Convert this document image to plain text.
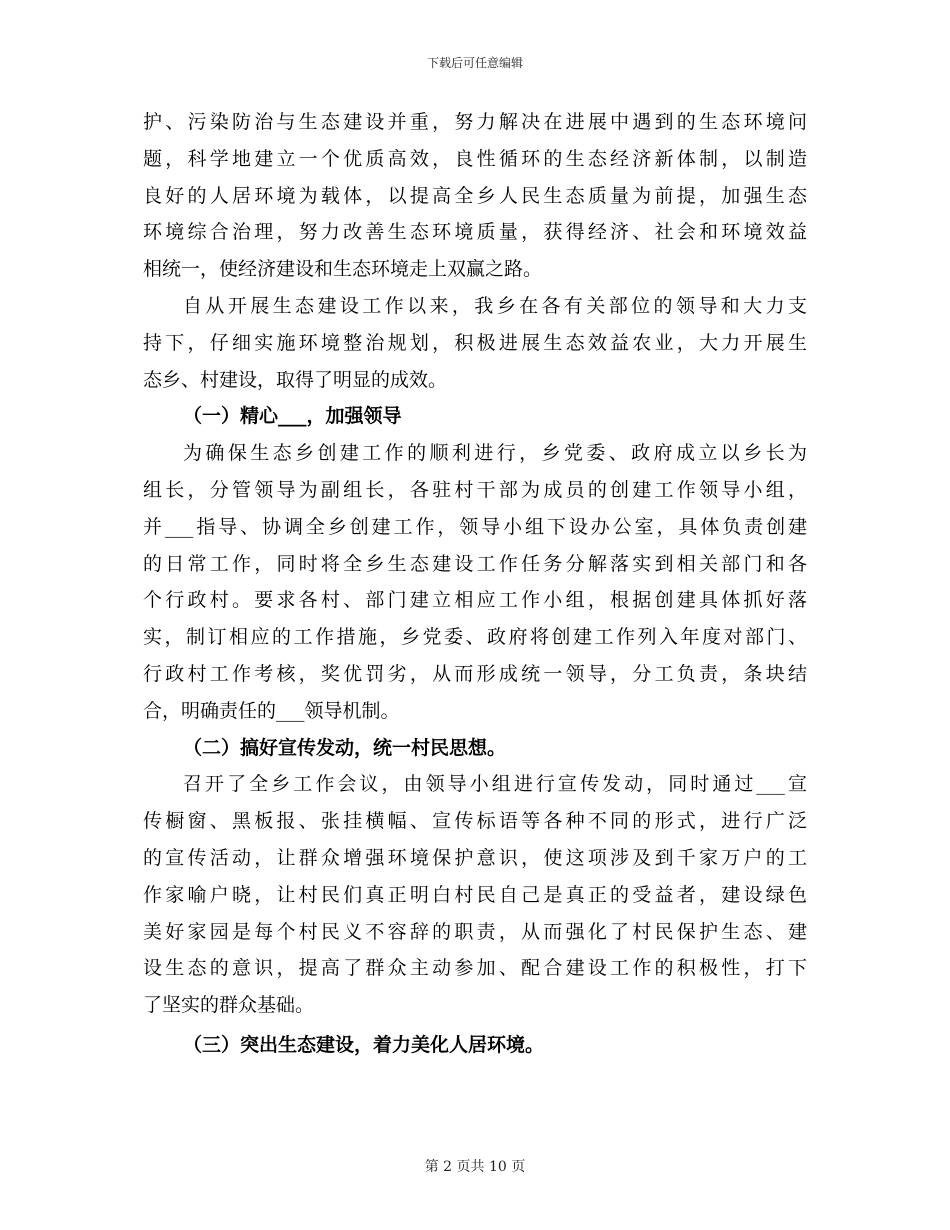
下载后可任意编辑
护、污染防治与生态建设并重，努力解决在进展中遇到的生态环境问
题，科学地建立一个优质高效，良性循环的生态经济新体制，以制造
良好的人居环境为载体，以提高全乡人民生态质量为前提，加强生态
环境综合治理，努力改善生态环境质量，获得经济、社会和环境效益
相统一，使经济建设和生态环境走上双赢之路。
自从开展生态建设工作以来，我乡在各有关部位的领导和大力支
持下，仔细实施环境整治规划，积极进展生态效益农业，大力开展生
态乡、村建设，取得了明显的成效。
（一）精心___，加强领导
为确保生态乡创建工作的顺利进行，乡党委、政府成立以乡长为
组长，分管领导为副组长，各驻村干部为成员的创建工作领导小组，
并___指导、协调全乡创建工作，领导小组下设办公室，具体负责创建
的日常工作，同时将全乡生态建设工作任务分解落实到相关部门和各
个行政村。要求各村、部门建立相应工作小组，根据创建具体抓好落
实，制订相应的工作措施，乡党委、政府将创建工作列入年度对部门、
行政村工作考核，奖优罚劣，从而形成统一领导，分工负责，条块结
合，明确责任的___领导机制。
（二）搞好宣传发动，统一村民思想。
召开了全乡工作会议，由领导小组进行宣传发动，同时通过___宣
传橱窗、黑板报、张挂横幅、宣传标语等各种不同的形式，进行广泛
的宣传活动，让群众增强环境保护意识，使这项涉及到千家万户的工
作家喻户晓，让村民们真正明白村民自己是真正的受益者，建设绿色
美好家园是每个村民义不容辞的职责，从而强化了村民保护生态、建
设生态的意识，提高了群众主动参加、配合建设工作的积极性，打下
了坚实的群众基础。
（三）突出生态建设，着力美化人居环境。
第 2 页共 10 页
